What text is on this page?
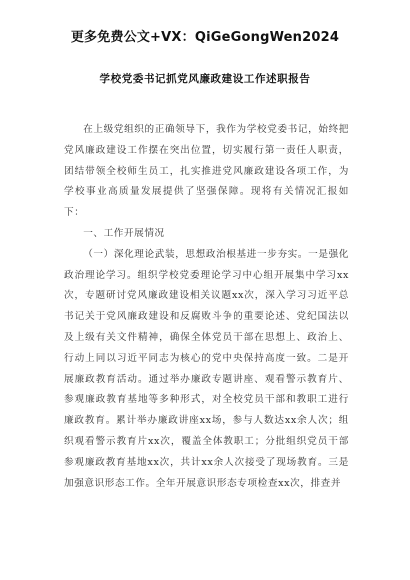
更多免费公文+VX：QiGeGongWen2024
学校党委书记抓党风廉政建设工作述职报告

在上级党组织的正确领导下，我作为学校党委书记，始终把党风廉政建设工作摆在突出位置，切实履行第一责任人职责，团结带领全校师生员工，扎实推进党风廉政建设各项工作，为学校事业高质量发展提供了坚强保障。现将有关情况汇报如下：

一、工作开展情况

（一）深化理论武装，思想政治根基进一步夯实。一是强化政治理论学习。组织学校党委理论学习中心组开展集中学习xx次，专题研讨党风廉政建设相关议题xx次，深入学习习近平总书记关于党风廉政建设和反腐败斗争的重要论述、党纪国法以及上级有关文件精神，确保全体党员干部在思想上、政治上、行动上同以习近平同志为核心的党中央保持高度一致。二是开展廉政教育活动。通过举办廉政专题讲座、观看警示教育片、参观廉政教育基地等多种形式，对全校党员干部和教职工进行廉政教育。累计举办廉政讲座xx场，参与人数达xx余人次；组织观看警示教育片xx次，覆盖全体教职工；分批组织党员干部参观廉政教育基地xx次，共计xx余人次接受了现场教育。三是加强意识形态工作。全年开展意识形态专项检查xx次，排查并
